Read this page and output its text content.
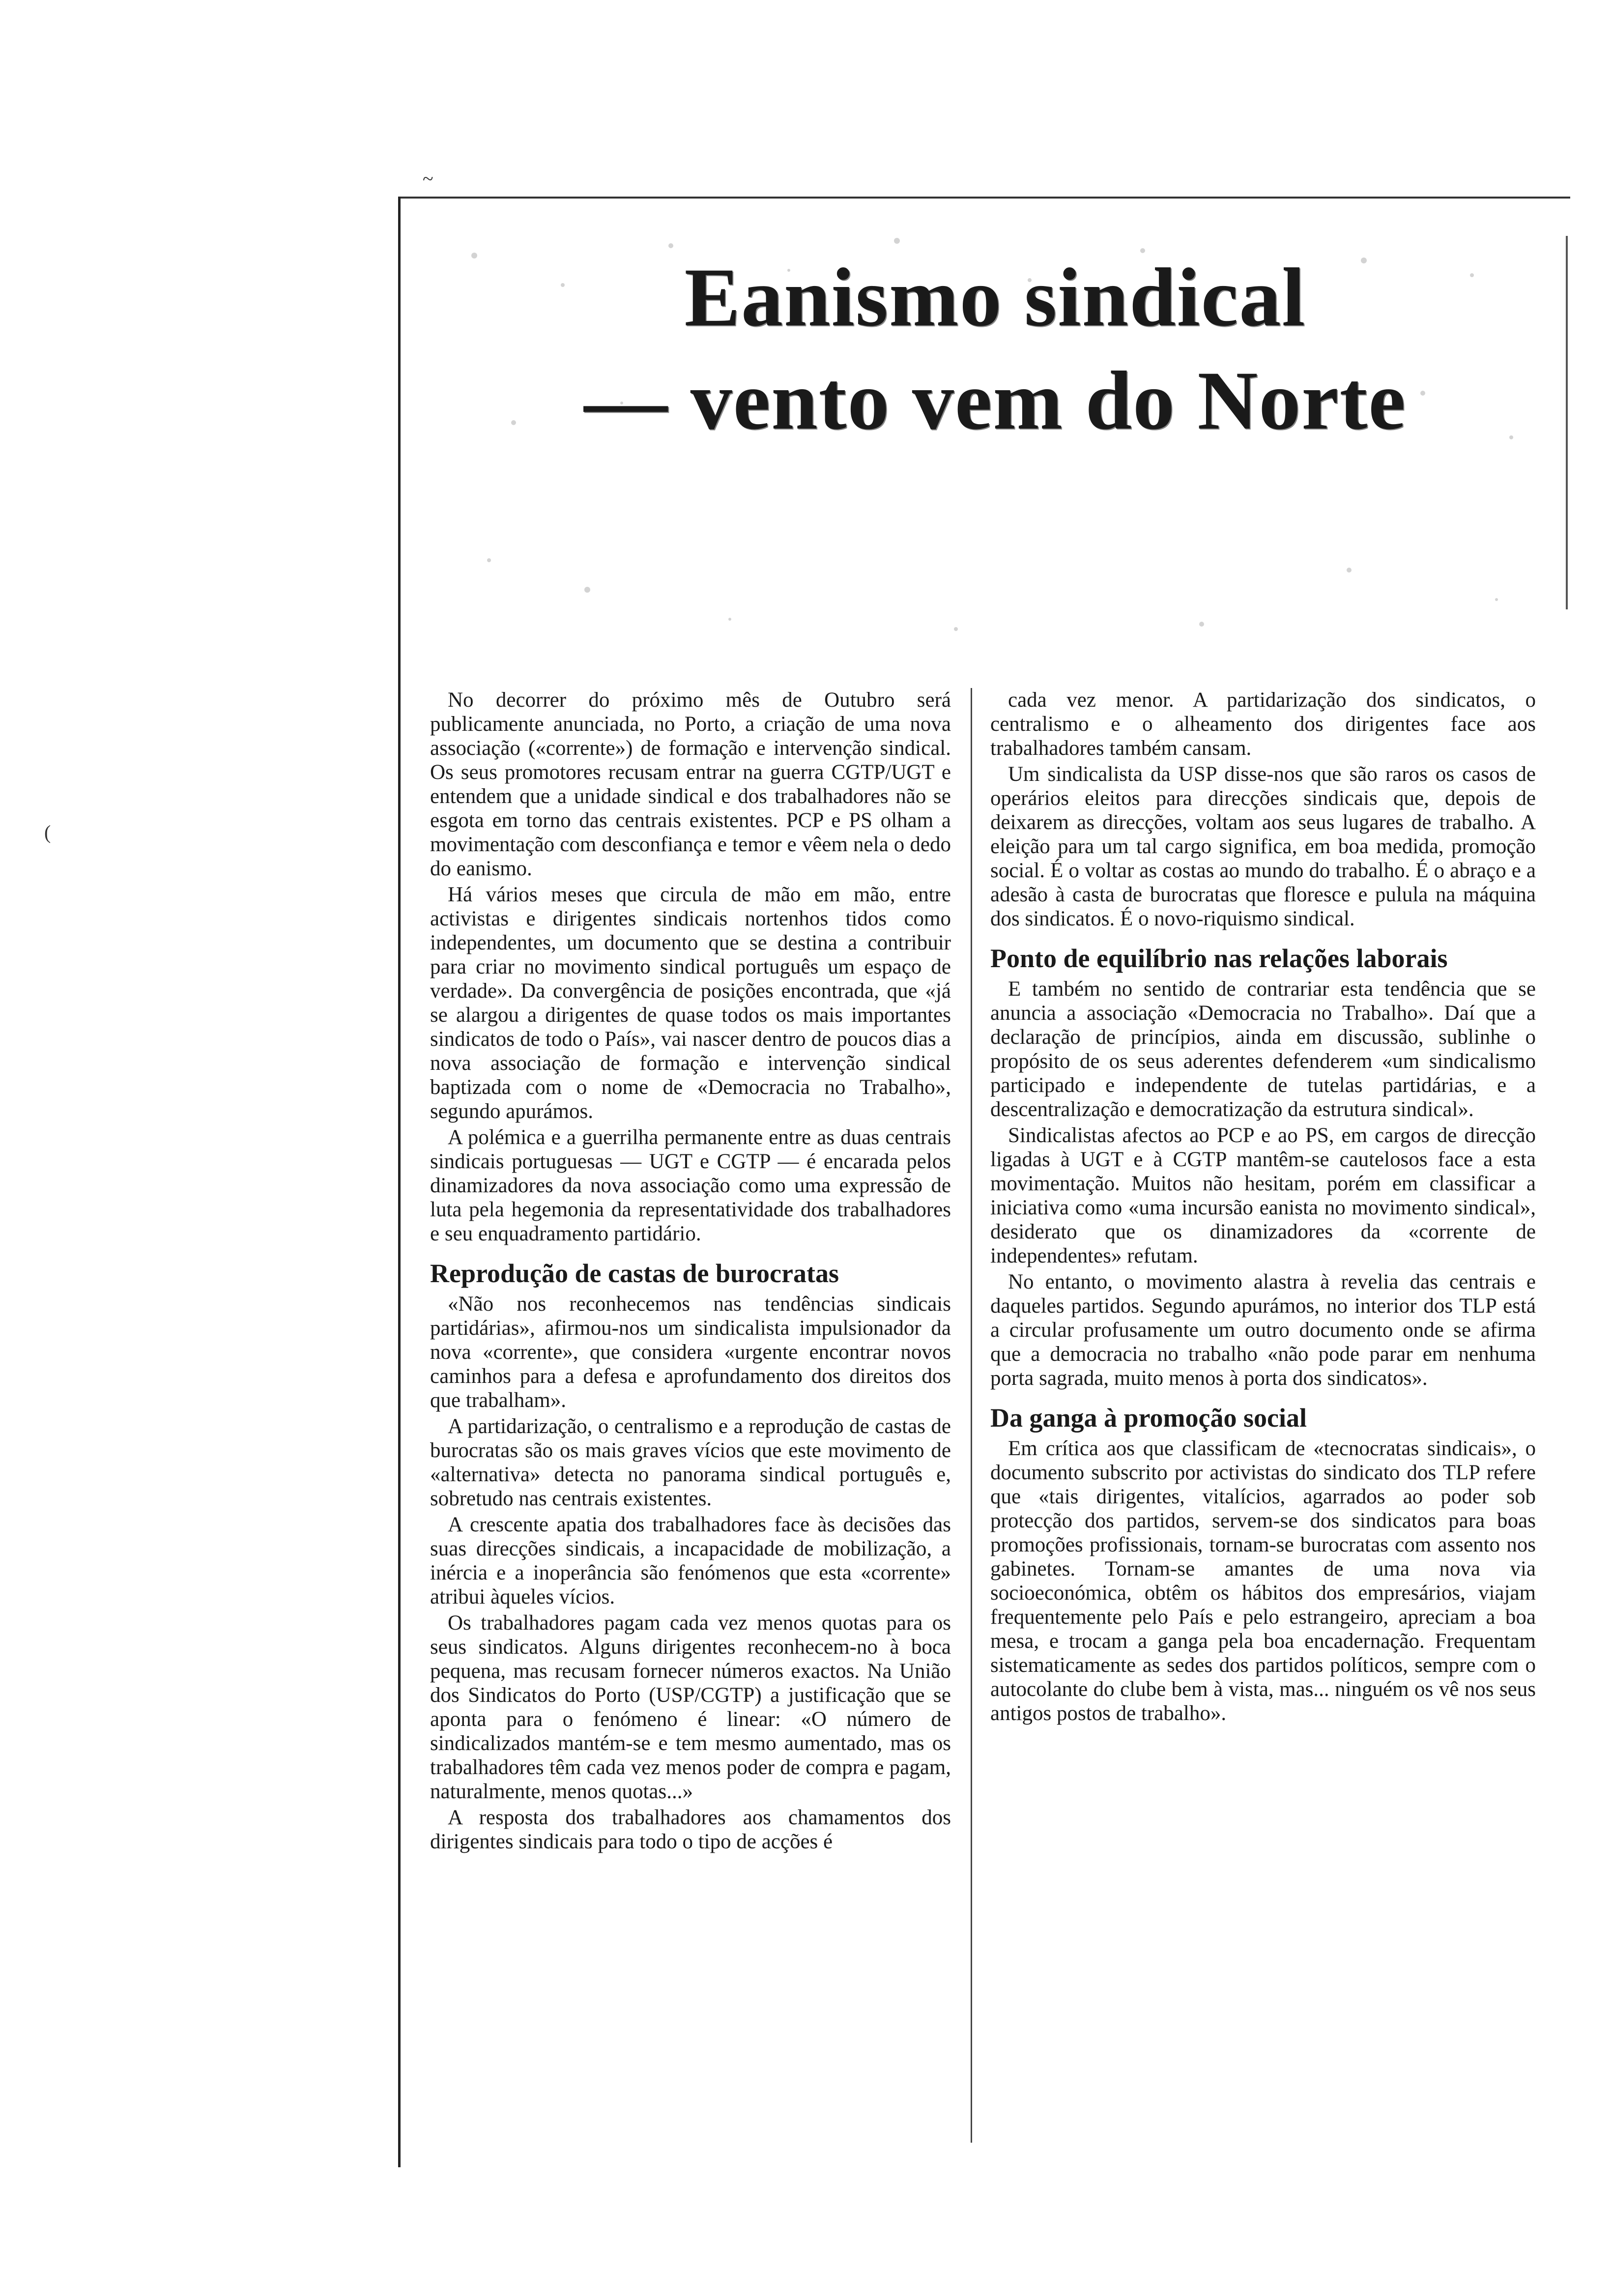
~
(
Eanismo sindical
— vento vem do Norte

No decorrer do próximo mês de Outubro será publicamente anunciada, no Porto, a criação de uma nova associação («corrente») de formação e intervenção sindical. Os seus promotores recusam entrar na guerra CGTP/UGT e entendem que a unidade sindical e dos trabalhadores não se esgota em torno das centrais existentes. PCP e PS olham a movimentação com desconfiança e temor e vêem nela o dedo do eanismo.

Há vários meses que circula de mão em mão, entre activistas e dirigentes sindicais nortenhos tidos como independentes, um documento que se destina a contribuir para criar no movimento sindical português um espaço de verdade». Da convergência de posições encontrada, que «já se alargou a dirigentes de quase todos os mais importantes sindicatos de todo o País», vai nascer dentro de poucos dias a nova associação de formação e intervenção sindical baptizada com o nome de «Democracia no Trabalho», segundo apurámos.

A polémica e a guerrilha permanente entre as duas centrais sindicais portuguesas — UGT e CGTP — é encarada pelos dinamizadores da nova associação como uma expressão de luta pela hegemonia da representatividade dos trabalhadores e seu enquadramento partidário.

Reprodução de castas de burocratas

«Não nos reconhecemos nas tendências sindicais partidárias», afirmou-nos um sindicalista impulsionador da nova «corrente», que considera «urgente encontrar novos caminhos para a defesa e aprofundamento dos direitos dos que trabalham».

A partidarização, o centralismo e a reprodução de castas de burocratas são os mais graves vícios que este movimento de «alternativa» detecta no panorama sindical português e, sobretudo nas centrais existentes.

A crescente apatia dos trabalhadores face às decisões das suas direcções sindicais, a incapacidade de mobilização, a inércia e a inoperância são fenómenos que esta «corrente» atribui àqueles vícios.

Os trabalhadores pagam cada vez menos quotas para os seus sindicatos. Alguns dirigentes reconhecem-no à boca pequena, mas recusam fornecer números exactos. Na União dos Sindicatos do Porto (USP/CGTP) a justificação que se aponta para o fenómeno é linear: «O número de sindicalizados mantém-se e tem mesmo aumentado, mas os trabalhadores têm cada vez menos poder de compra e pagam, naturalmente, menos quotas...»

A resposta dos trabalhadores aos chamamentos dos dirigentes sindicais para todo o tipo de acções é

cada vez menor. A partidarização dos sindicatos, o centralismo e o alheamento dos dirigentes face aos trabalhadores também cansam.

Um sindicalista da USP disse-nos que são raros os casos de operários eleitos para direcções sindicais que, depois de deixarem as direcções, voltam aos seus lugares de trabalho. A eleição para um tal cargo significa, em boa medida, promoção social. É o voltar as costas ao mundo do trabalho. É o abraço e a adesão à casta de burocratas que floresce e pulula na máquina dos sindicatos. É o novo-riquismo sindical.

Ponto de equilíbrio nas relações laborais

E também no sentido de contrariar esta tendência que se anuncia a associação «Democracia no Trabalho». Daí que a declaração de princípios, ainda em discussão, sublinhe o propósito de os seus aderentes defenderem «um sindicalismo participado e independente de tutelas partidárias, e a descentralização e democratização da estrutura sindical».

Sindicalistas afectos ao PCP e ao PS, em cargos de direcção ligadas à UGT e à CGTP mantêm-se cautelosos face a esta movimentação. Muitos não hesitam, porém em classificar a iniciativa como «uma incursão eanista no movimento sindical», desiderato que os dinamizadores da «corrente de independentes» refutam.

No entanto, o movimento alastra à revelia das centrais e daqueles partidos. Segundo apurámos, no interior dos TLP está a circular profusamente um outro documento onde se afirma que a democracia no trabalho «não pode parar em nenhuma porta sagrada, muito menos à porta dos sindicatos».

Da ganga à promoção social

Em crítica aos que classificam de «tecnocratas sindicais», o documento subscrito por activistas do sindicato dos TLP refere que «tais dirigentes, vitalícios, agarrados ao poder sob protecção dos partidos, servem-se dos sindicatos para boas promoções profissionais, tornam-se burocratas com assento nos gabinetes. Tornam-se amantes de uma nova via socioeconómica, obtêm os hábitos dos empresários, viajam frequentemente pelo País e pelo estrangeiro, apreciam a boa mesa, e trocam a ganga pela boa encadernação. Frequentam sistematicamente as sedes dos partidos políticos, sempre com o autocolante do clube bem à vista, mas... ninguém os vê nos seus antigos postos de trabalho».
